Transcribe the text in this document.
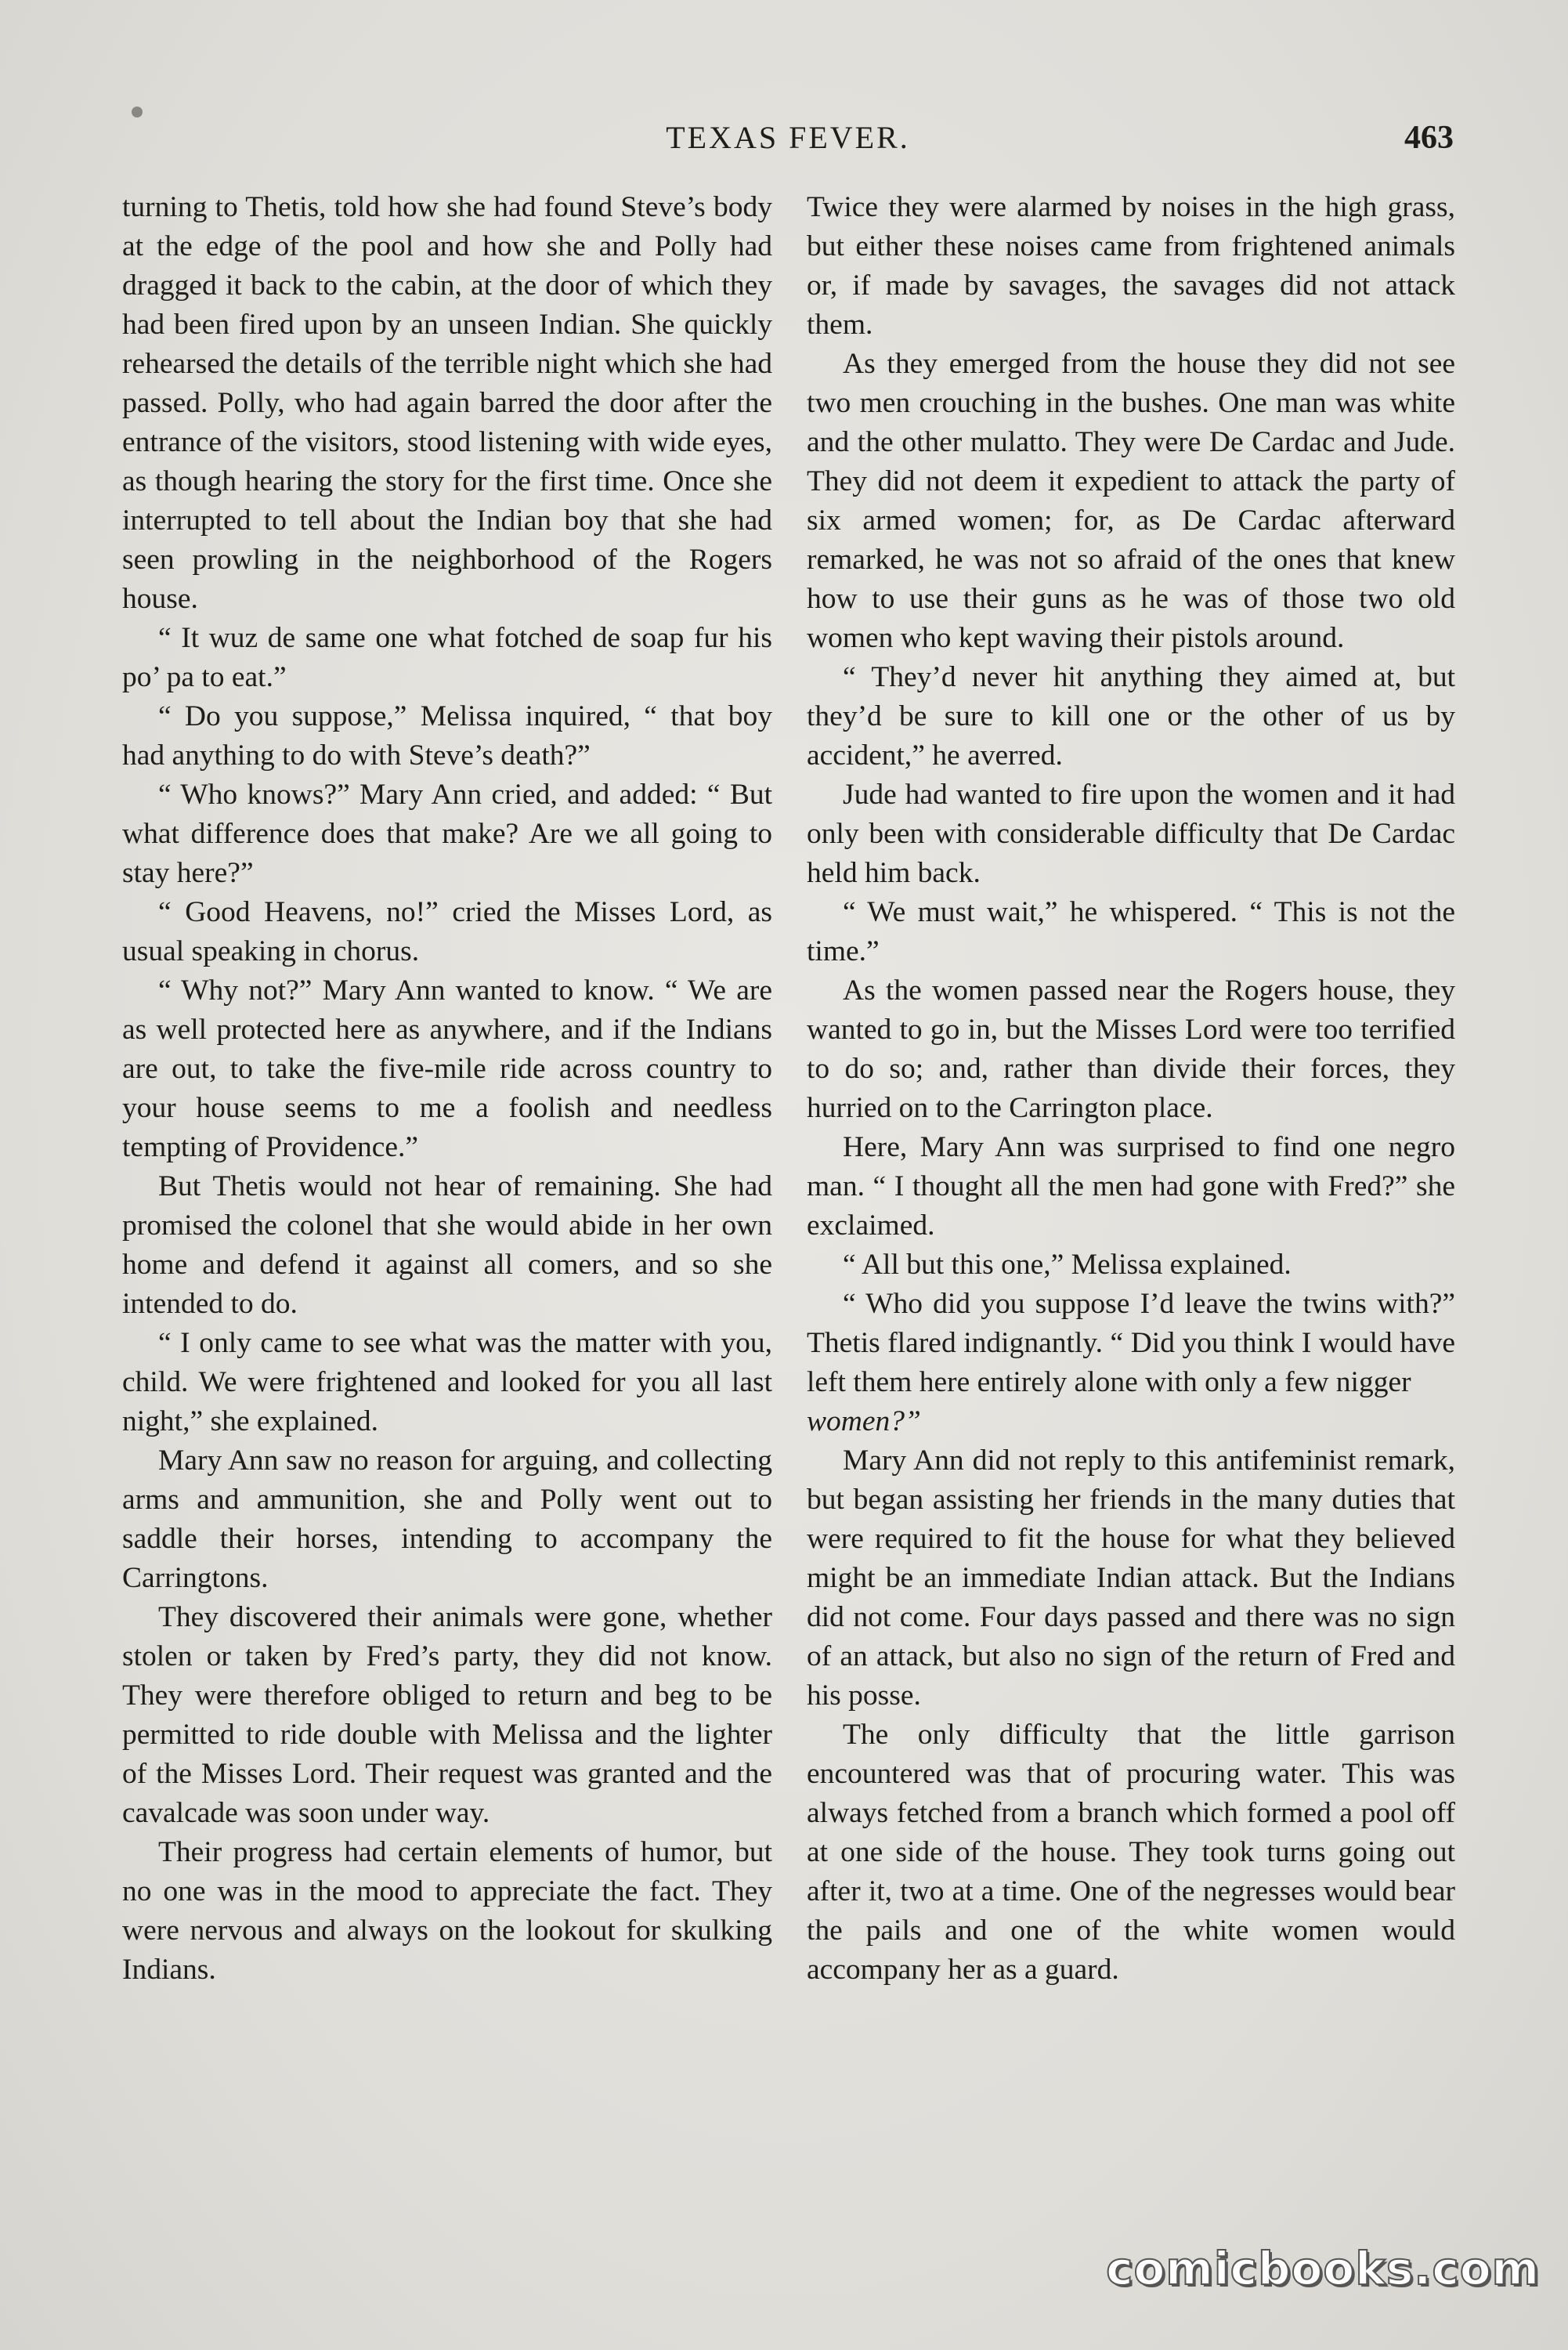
TEXAS FEVER.	463

turning to Thetis, told how she had found Steve’s body at the edge of the pool and how she and Polly had dragged it back to the cabin, at the door of which they had been fired upon by an unseen Indian. She quickly rehearsed the details of the terrible night which she had passed. Polly, who had again barred the door after the entrance of the visitors, stood listening with wide eyes, as though hearing the story for the first time. Once she interrupted to tell about the Indian boy that she had seen prowling in the neighborhood of the Rogers house.

“ It wuz de same one what fotched de soap fur his po’ pa to eat.”

“ Do you suppose,” Melissa inquired, “ that boy had anything to do with Steve’s death?”

“ Who knows?” Mary Ann cried, and added: “ But what difference does that make? Are we all going to stay here?”

“ Good Heavens, no!” cried the Misses Lord, as usual speaking in chorus.

“ Why not?” Mary Ann wanted to know. “ We are as well protected here as anywhere, and if the Indians are out, to take the five-mile ride across country to your house seems to me a foolish and needless tempting of Providence.”

But Thetis would not hear of remaining. She had promised the colonel that she would abide in her own home and defend it against all comers, and so she intended to do.

“ I only came to see what was the matter with you, child. We were frightened and looked for you all last night,” she explained.

Mary Ann saw no reason for arguing, and collecting arms and ammunition, she and Polly went out to saddle their horses, intending to accompany the Carringtons.

They discovered their animals were gone, whether stolen or taken by Fred’s party, they did not know. They were therefore obliged to return and beg to be permitted to ride double with Melissa and the lighter of the Misses Lord. Their request was granted and the cavalcade was soon under way.

Their progress had certain elements of humor, but no one was in the mood to appreciate the fact. They were nervous and always on the lookout for skulking Indians.

Twice they were alarmed by noises in the high grass, but either these noises came from frightened animals or, if made by savages, the savages did not attack them.

As they emerged from the house they did not see two men crouching in the bushes. One man was white and the other mulatto. They were De Cardac and Jude. They did not deem it expedient to attack the party of six armed women; for, as De Cardac afterward remarked, he was not so afraid of the ones that knew how to use their guns as he was of those two old women who kept waving their pistols around.

“ They’d never hit anything they aimed at, but they’d be sure to kill one or the other of us by accident,” he averred.

Jude had wanted to fire upon the women and it had only been with considerable difficulty that De Cardac held him back.

“ We must wait,” he whispered. “ This is not the time.”

As the women passed near the Rogers house, they wanted to go in, but the Misses Lord were too terrified to do so; and, rather than divide their forces, they hurried on to the Carrington place.

Here, Mary Ann was surprised to find one negro man. “ I thought all the men had gone with Fred?” she exclaimed.

“ All but this one,” Melissa explained.

“ Who did you suppose I’d leave the twins with?” Thetis flared indignantly. “ Did you think I would have left them here entirely alone with only a few nigger

women?”

Mary Ann did not reply to this antifeminist remark, but began assisting her friends in the many duties that were required to fit the house for what they believed might be an immediate Indian attack. But the Indians did not come. Four days passed and there was no sign of an attack, but also no sign of the return of Fred and his posse.

The only difficulty that the little garrison encountered was that of procuring water. This was always fetched from a branch which formed a pool off at one side of the house. They took turns going out after it, two at a time. One of the negresses would bear the pails and one of the white women would accompany her as a guard.

comicbooks.com
